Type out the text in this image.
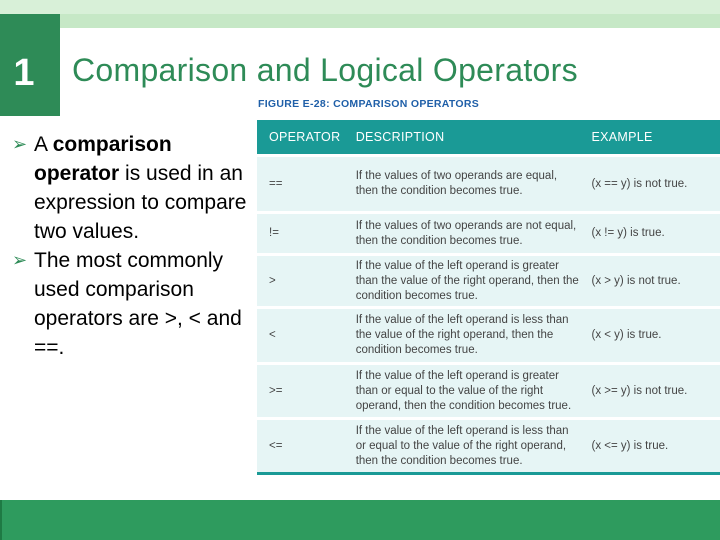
1	Comparison and Logical Operators
➢ A comparison operator is used in an expression to compare two values.
➢ The most commonly used comparison operators are >, < and ==.
FIGURE E-28: COMPARISON OPERATORS
OPERATOR	DESCRIPTION	EXAMPLE
==	If the values of two operands are equal, then the condition becomes true.	(x == y) is not true.
!=	If the values of two operands are not equal, then the condition becomes true.	(x != y) is true.
>	If the value of the left operand is greater than the value of the right operand, then the condition becomes true.	(x > y) is not true.
<	If the value of the left operand is less than the value of the right operand, then the condition becomes true.	(x < y) is true.
>=	If the value of the left operand is greater than or equal to the value of the right operand, then the condition becomes true.	(x >= y) is not true.
<=	If the value of the left operand is less than or equal to the value of the right operand, then the condition becomes true.	(x <= y) is true.
